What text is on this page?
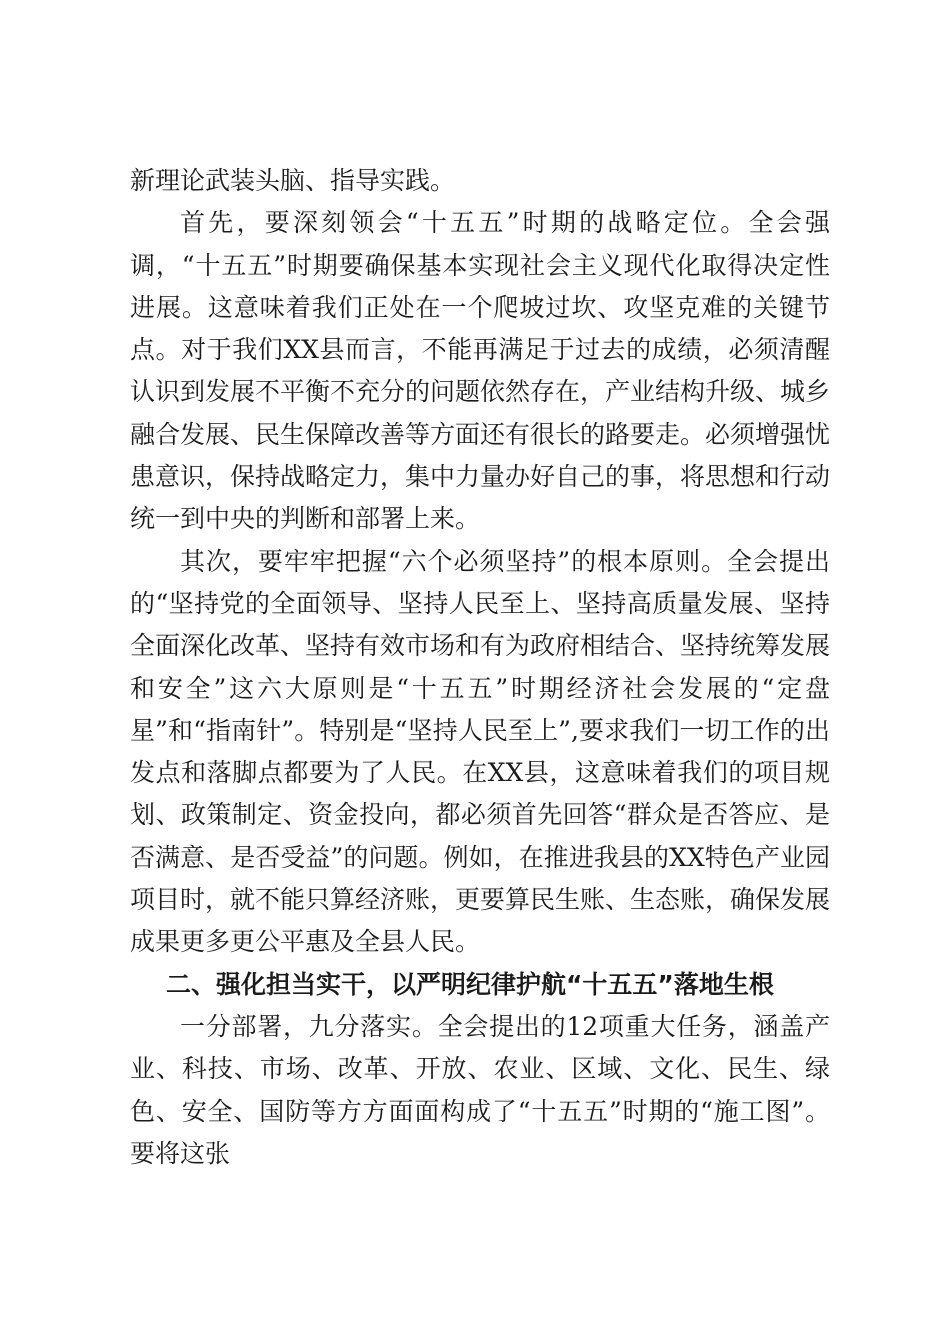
新理论武装头脑、指导实践。

首先，要深刻领会“十五五”时期的战略定位。全会强调，“十五五”时期要确保基本实现社会主义现代化取得决定性进展。这意味着我们正处在一个爬坡过坎、攻坚克难的关键节点。对于我们XX县而言，不能再满足于过去的成绩，必须清醒认识到发展不平衡不充分的问题依然存在，产业结构升级、城乡融合发展、民生保障改善等方面还有很长的路要走。必须增强忧患意识，保持战略定力，集中力量办好自己的事，将思想和行动统一到中央的判断和部署上来。

其次，要牢牢把握“六个必须坚持”的根本原则。全会提出的“坚持党的全面领导、坚持人民至上、坚持高质量发展、坚持全面深化改革、坚持有效市场和有为政府相结合、坚持统筹发展和安全”这六大原则是“十五五”时期经济社会发展的“定盘星”和“指南针”。特别是“坚持人民至上”,要求我们一切工作的出发点和落脚点都要为了人民。在XX县，这意味着我们的项目规划、政策制定、资金投向，都必须首先回答“群众是否答应、是否满意、是否受益”的问题。例如，在推进我县的XX特色产业园项目时，就不能只算经济账，更要算民生账、生态账，确保发展成果更多更公平惠及全县人民。

二、强化担当实干，以严明纪律护航“十五五”落地生根

一分部署，九分落实。全会提出的12项重大任务，涵盖产业、科技、市场、改革、开放、农业、区域、文化、民生、绿色、安全、国防等方方面面构成了“十五五”时期的“施工图”。要将这张
